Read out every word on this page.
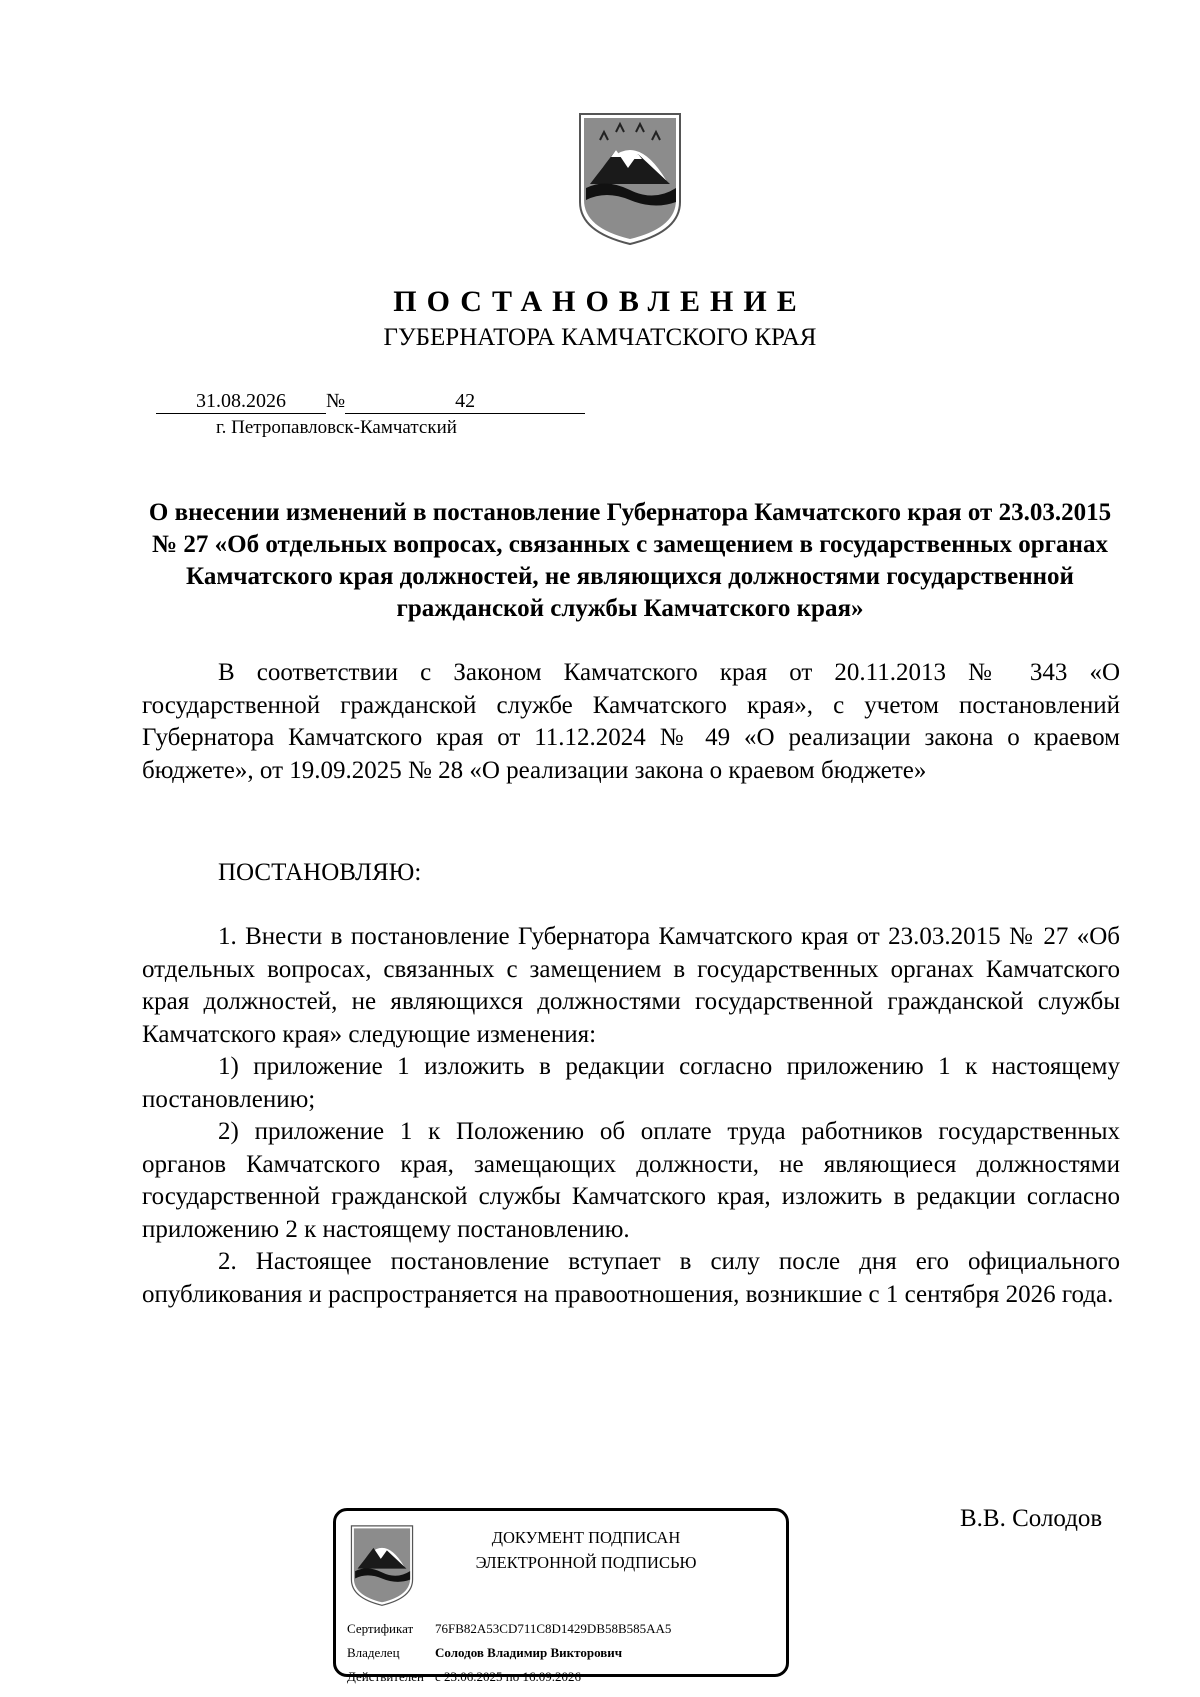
ПОСТАНОВЛЕНИЕ
ГУБЕРНАТОРА КАМЧАТСКОГО КРАЯ
31.08.2026 №	42
г. Петропавловск-Камчатский
О внесении изменений в постановление Губернатора Камчатского края от 23.03.2015 № 27 «Об отдельных вопросах, связанных с замещением в государственных органах Камчатского края должностей, не являющихся должностями государственной гражданской службы Камчатского края»

В соответствии с Законом Камчатского края от 20.11.2013 № 343 «О государственной гражданской службе Камчатского края», с учетом постановлений Губернатора Камчатского края от 11.12.2024 № 49 «О реализации закона о краевом бюджете», от 19.09.2025 № 28 «О реализации закона о краевом бюджете»

ПОСТАНОВЛЯЮ:

1. Внести в постановление Губернатора Камчатского края от 23.03.2015 № 27 «Об отдельных вопросах, связанных с замещением в государственных органах Камчатского края должностей, не являющихся должностями государственной гражданской службы Камчатского края» следующие изменения:

1) приложение 1 изложить в редакции согласно приложению 1 к настоящему постановлению;

2) приложение 1 к Положению об оплате труда работников государственных органов Камчатского края, замещающих должности, не являющиеся должностями государственной гражданской службы Камчатского края, изложить в редакции согласно приложению 2 к настоящему постановлению.

2. Настоящее постановление вступает в силу после дня его официального опубликования и распространяется на правоотношения, возникшие с 1 сентября 2026 года.

В.В. Солодов
ДОКУМЕНТ ПОДПИСАН
ЭЛЕКТРОННОЙ ПОДПИСЬЮ
Сертификат 76FB82A53CD711C8D1429DB58B585AA5
Владелец	Солодов Владимир Викторович
Действителен с 23.06.2025 по 16.09.2026
